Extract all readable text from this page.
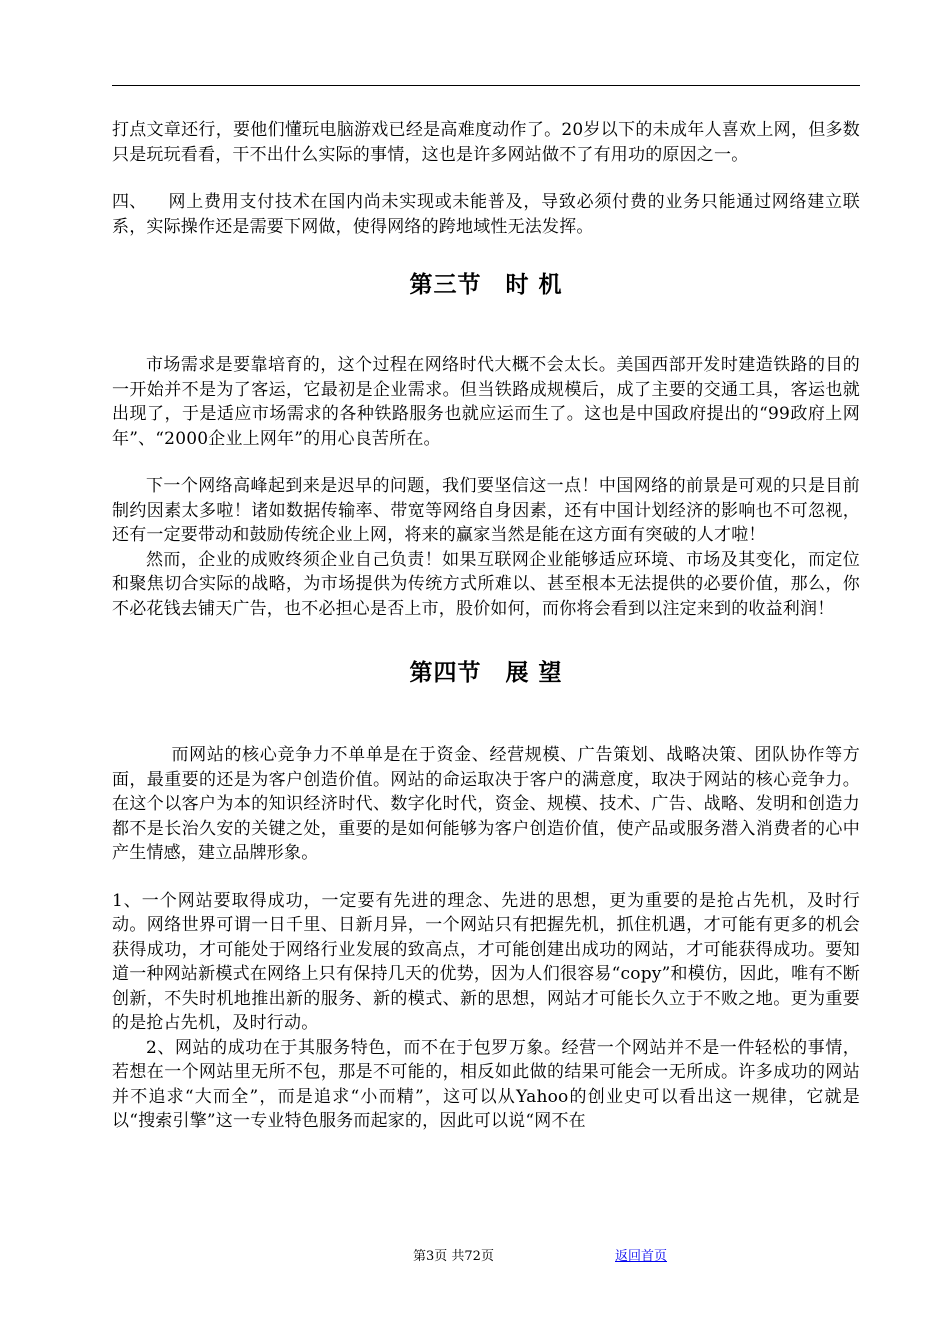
打点文章还行，要他们懂玩电脑游戏已经是高难度动作了。20岁以下的未成年人喜欢上网，但多数只是玩玩看看，干不出什么实际的事情，这也是许多网站做不了有用功的原因之一。

四、 网上费用支付技术在国内尚未实现或未能普及，导致必须付费的业务只能通过网络建立联系，实际操作还是需要下网做，使得网络的跨地域性无法发挥。

第三节　时 机

市场需求是要靠培育的，这个过程在网络时代大概不会太长。美国西部开发时建造铁路的目的一开始并不是为了客运，它最初是企业需求。但当铁路成规模后，成了主要的交通工具，客运也就出现了，于是适应市场需求的各种铁路服务也就应运而生了。这也是中国政府提出的“99政府上网年”、“2000企业上网年”的用心良苦所在。

下一个网络高峰起到来是迟早的问题，我们要坚信这一点！中国网络的前景是可观的只是目前制约因素太多啦！诸如数据传输率、带宽等网络自身因素，还有中国计划经济的影响也不可忽视，还有一定要带动和鼓励传统企业上网，将来的赢家当然是能在这方面有突破的人才啦！

然而，企业的成败终须企业自己负责！如果互联网企业能够适应环境、市场及其变化，而定位和聚焦切合实际的战略，为市场提供为传统方式所难以、甚至根本无法提供的必要价值，那么，你不必花钱去铺天广告，也不必担心是否上市，股价如何，而你将会看到以注定来到的收益利润！

第四节　展 望

而网站的核心竞争力不单单是在于资金、经营规模、广告策划、战略决策、团队协作等方面，最重要的还是为客户创造价值。网站的命运取决于客户的满意度，取决于网站的核心竞争力。在这个以客户为本的知识经济时代、数字化时代，资金、规模、技术、广告、战略、发明和创造力都不是长治久安的关键之处，重要的是如何能够为客户创造价值，使产品或服务潜入消费者的心中产生情感，建立品牌形象。

1、一个网站要取得成功，一定要有先进的理念、先进的思想，更为重要的是抢占先机，及时行动。网络世界可谓一日千里、日新月异，一个网站只有把握先机，抓住机遇，才可能有更多的机会获得成功，才可能处于网络行业发展的致高点，才可能创建出成功的网站，才可能获得成功。要知道一种网站新模式在网络上只有保持几天的优势，因为人们很容易“copy”和模仿，因此，唯有不断创新，不失时机地推出新的服务、新的模式、新的思想，网站才可能长久立于不败之地。更为重要的是抢占先机，及时行动。

2、网站的成功在于其服务特色，而不在于包罗万象。经营一个网站并不是一件轻松的事情，若想在一个网站里无所不包，那是不可能的，相反如此做的结果可能会一无所成。许多成功的网站并不追求“大而全”，而是追求“小而精”，这可以从Yahoo的创业史可以看出这一规律，它就是以“搜索引擎”这一专业特色服务而起家的，因此可以说“网不在

第3页 共72页	返回首页
